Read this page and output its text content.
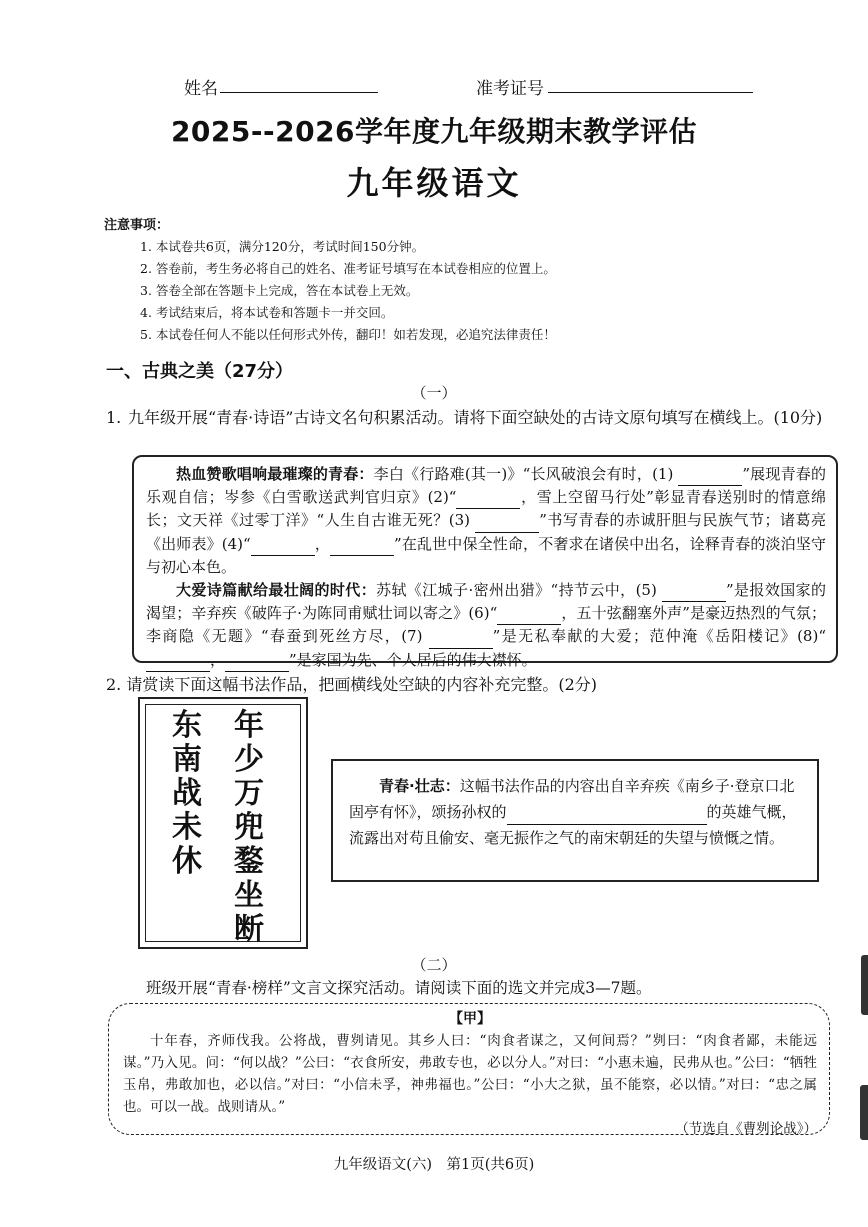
姓名	准考证号
2025--2026学年度九年级期末教学评估
九年级语文
注意事项：
1. 本试卷共6页，满分120分，考试时间150分钟。
2. 答卷前，考生务必将自己的姓名、准考证号填写在本试卷相应的位置上。
3. 答卷全部在答题卡上完成，答在本试卷上无效。
4. 考试结束后，将本试卷和答题卡一并交回。
5. 本试卷任何人不能以任何形式外传，翻印！如若发现，必追究法律责任！
一、古典之美（27分）
（一）
1. 九年级开展“青春·诗语”古诗文名句积累活动。请将下面空缺处的古诗文原句填写在横线上。(10分)

热血赞歌唱响最璀璨的青春：李白《行路难(其一)》“长风破浪会有时，(1)	”展现青春的乐观自信；岑参《白雪歌送武判官归京》(2)“	，雪上空留马行处”彰显青春送别时的情意绵长；文天祥《过零丁洋》“人生自古谁无死？(3)	”书写青春的赤诚肝胆与民族气节；诸葛亮《出师表》(4)“	，	”在乱世中保全性命，不奢求在诸侯中出名，诠释青春的淡泊坚守与初心本色。

大爱诗篇献给最壮阔的时代：苏轼《江城子·密州出猎》“持节云中，(5)	”是报效国家的渴望；辛弃疾《破阵子·为陈同甫赋壮词以寄之》(6)“	，五十弦翻塞外声”是豪迈热烈的气氛；李商隐《无题》“春蚕到死丝方尽，(7)	”是无私奉献的大爱；范仲淹《岳阳楼记》(8)“，	”是家国为先、个人居后的伟大襟怀。

2. 请赏读下面这幅书法作品，把画横线处空缺的内容补充完整。(2分)
年
少
万
兜
鍪
坐
断
东
南
战
未
休

青春·壮志：这幅书法作品的内容出自辛弃疾《南乡子·登京口北固亭有怀》，颂扬孙权的	的英雄气概，流露出对苟且偷安、毫无振作之气的南宋朝廷的失望与愤慨之情。

（二）
班级开展“青春·榜样”文言文探究活动。请阅读下面的选文并完成3—7题。
【甲】

十年春，齐师伐我。公将战，曹刿请见。其乡人曰：“肉食者谋之，又何间焉？”刿曰：“肉食者鄙，未能远谋。”乃入见。问：“何以战？”公曰：“衣食所安，弗敢专也，必以分人。”对曰：“小惠未遍，民弗从也。”公曰：“牺牲玉帛，弗敢加也，必以信。”对曰：“小信未孚，神弗福也。”公曰：“小大之狱，虽不能察，必以情。”对曰：“忠之属也。可以一战。战则请从。”

（节选自《曹刿论战》）
九年级语文(六)　第1页(共6页)
